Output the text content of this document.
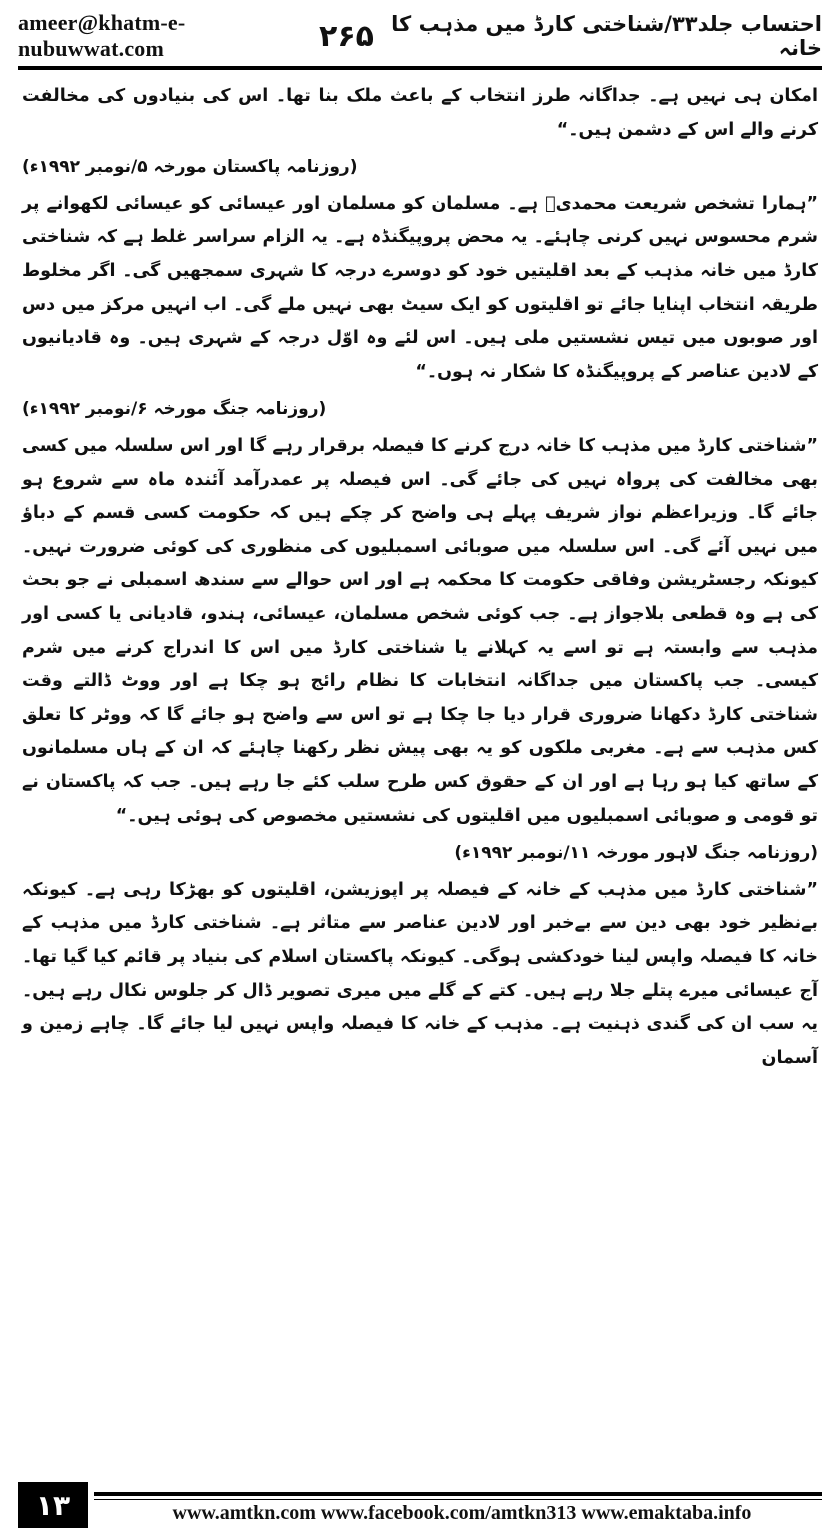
ameer@khatm-e-nubuwwat.com	۲۶۵ احتساب جلد۳۳/شناختی کارڈ میں مذہب کا خانہ

امکان ہی نہیں ہے۔ جداگانہ طرز انتخاب کے باعث ملک بنا تھا۔ اس کی بنیادوں کی مخالفت کرنے والے اس کے دشمن ہیں۔“

(روزنامہ پاکستان مورخہ ۵/نومبر ۱۹۹۲ء)

”ہمارا تشخص شریعت محمدیؐ ہے۔ مسلمان کو مسلمان اور عیسائی کو عیسائی لکھوانے پر شرم محسوس نہیں کرنی چاہئے۔ یہ محض پروپیگنڈہ ہے۔ یہ الزام سراسر غلط ہے کہ شناختی کارڈ میں خانہ مذہب کے بعد اقلیتیں خود کو دوسرے درجہ کا شہری سمجھیں گی۔ اگر مخلوط طریقہ انتخاب اپنایا جائے تو اقلیتوں کو ایک سیٹ بھی نہیں ملے گی۔ اب انہیں مرکز میں دس اور صوبوں میں تیس نشستیں ملی ہیں۔ اس لئے وہ اوّل درجہ کے شہری ہیں۔ وہ قادیانیوں کے لادین عناصر کے پروپیگنڈہ کا شکار نہ ہوں۔“

(روزنامہ جنگ مورخہ ۶/نومبر ۱۹۹۲ء)

”شناختی کارڈ میں مذہب کا خانہ درج کرنے کا فیصلہ برقرار رہے گا اور اس سلسلہ میں کسی بھی مخالفت کی پرواہ نہیں کی جائے گی۔ اس فیصلہ پر عمدرآمد آئندہ ماہ سے شروع ہو جائے گا۔ وزیراعظم نواز شریف پہلے ہی واضح کر چکے ہیں کہ حکومت کسی قسم کے دباؤ میں نہیں آئے گی۔ اس سلسلہ میں صوبائی اسمبلیوں کی منظوری کی کوئی ضرورت نہیں۔ کیونکہ رجسٹریشن وفاقی حکومت کا محکمہ ہے اور اس حوالے سے سندھ اسمبلی نے جو بحث کی ہے وہ قطعی بلاجواز ہے۔ جب کوئی شخص مسلمان، عیسائی، ہندو، قادیانی یا کسی اور مذہب سے وابستہ ہے تو اسے یہ کہلانے یا شناختی کارڈ میں اس کا اندراج کرنے میں شرم کیسی۔ جب پاکستان میں جداگانہ انتخابات کا نظام رائج ہو چکا ہے اور ووٹ ڈالتے وقت شناختی کارڈ دکھانا ضروری قرار دیا جا چکا ہے تو اس سے واضح ہو جائے گا کہ ووٹر کا تعلق کس مذہب سے ہے۔ مغربی ملکوں کو یہ بھی پیش نظر رکھنا چاہئے کہ ان کے ہاں مسلمانوں کے ساتھ کیا ہو رہا ہے اور ان کے حقوق کس طرح سلب کئے جا رہے ہیں۔ جب کہ پاکستان نے تو قومی و صوبائی اسمبلیوں میں اقلیتوں کی نشستیں مخصوص کی ہوئی ہیں۔“

(روزنامہ جنگ لاہور مورخہ ۱۱/نومبر ۱۹۹۲ء)

”شناختی کارڈ میں مذہب کے خانہ کے فیصلہ پر اپوزیشن، اقلیتوں کو بھڑکا رہی ہے۔ کیونکہ بےنظیر خود بھی دین سے بےخبر اور لادین عناصر سے متاثر ہے۔ شناختی کارڈ میں مذہب کے خانہ کا فیصلہ واپس لینا خودکشی ہوگی۔ کیونکہ پاکستان اسلام کی بنیاد پر قائم کیا گیا تھا۔ آج عیسائی میرے پتلے جلا رہے ہیں۔ کتے کے گلے میں میری تصویر ڈال کر جلوس نکال رہے ہیں۔ یہ سب ان کی گندی ذہنیت ہے۔ مذہب کے خانہ کا فیصلہ واپس نہیں لیا جائے گا۔ چاہے زمین و آسمان

۱۳	www.amtkn.com www.facebook.com/amtkn313 www.emaktaba.info
